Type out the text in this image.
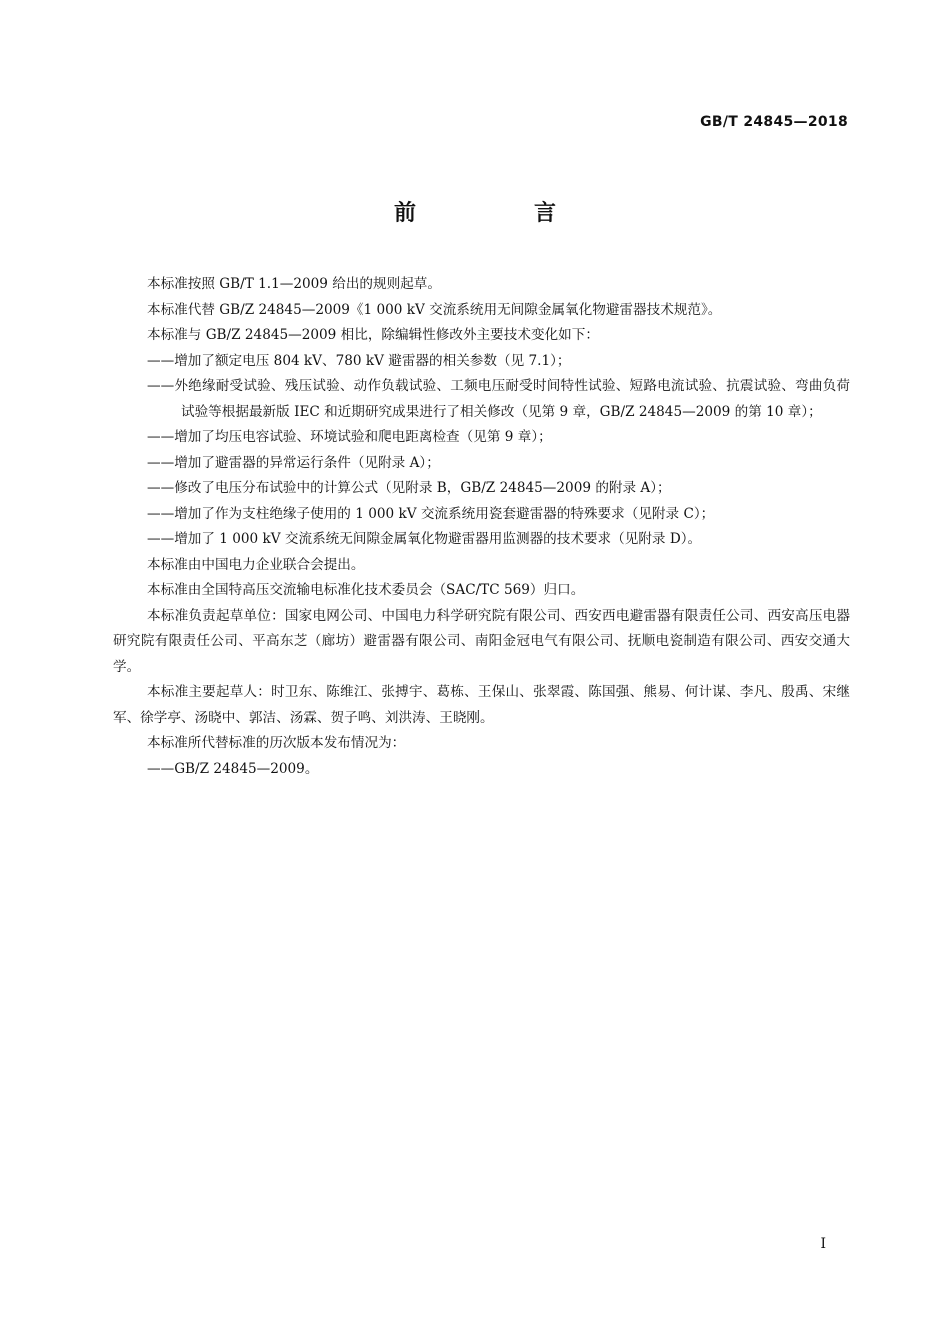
GB/T 24845—2018
前　言

本标准按照 GB/T 1.1—2009 给出的规则起草。

本标准代替 GB/Z 24845—2009《1 000 kV 交流系统用无间隙金属氧化物避雷器技术规范》。

本标准与 GB/Z 24845—2009 相比，除编辑性修改外主要技术变化如下：

——增加了额定电压 804 kV、780 kV 避雷器的相关参数（见 7.1）；

——外绝缘耐受试验、残压试验、动作负载试验、工频电压耐受时间特性试验、短路电流试验、抗震试验、弯曲负荷试验等根据最新版 IEC 和近期研究成果进行了相关修改（见第 9 章，GB/Z 24845—2009 的第 10 章）；

——增加了均压电容试验、环境试验和爬电距离检查（见第 9 章）；

——增加了避雷器的异常运行条件（见附录 A）；

——修改了电压分布试验中的计算公式（见附录 B，GB/Z 24845—2009 的附录 A）；

——增加了作为支柱绝缘子使用的 1 000 kV 交流系统用瓷套避雷器的特殊要求（见附录 C）；

——增加了 1 000 kV 交流系统无间隙金属氧化物避雷器用监测器的技术要求（见附录 D）。

本标准由中国电力企业联合会提出。

本标准由全国特高压交流输电标准化技术委员会（SAC/TC 569）归口。

本标准负责起草单位：国家电网公司、中国电力科学研究院有限公司、西安西电避雷器有限责任公司、西安高压电器研究院有限责任公司、平高东芝（廊坊）避雷器有限公司、南阳金冠电气有限公司、抚顺电瓷制造有限公司、西安交通大学。

本标准主要起草人：时卫东、陈维江、张搏宇、葛栋、王保山、张翠霞、陈国强、熊易、何计谋、李凡、殷禹、宋继军、徐学亭、汤晓中、郭洁、汤霖、贺子鸣、刘洪涛、王晓刚。

本标准所代替标准的历次版本发布情况为：

——GB/Z 24845—2009。

I
